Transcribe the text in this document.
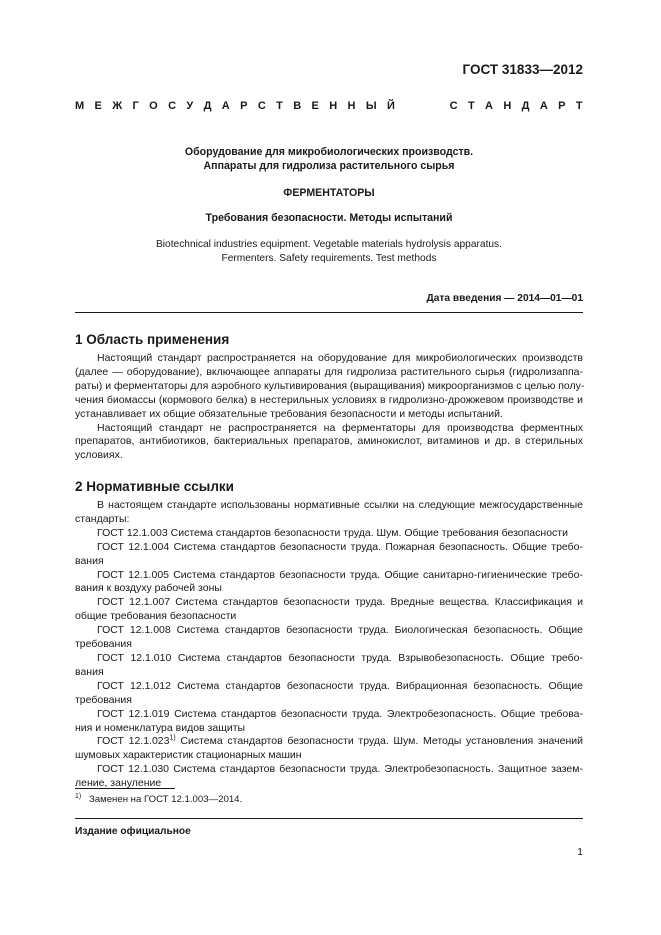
ГОСТ 31833—2012
М Е Ж Г О С У Д А Р С Т В Е Н Н Ы Й	С Т А Н Д А Р Т
Оборудование для микробиологических производств.
Аппараты для гидролиза растительного сырья
ФЕРМЕНТАТОРЫ
Требования безопасности. Методы испытаний
Biotechnical industries equipment. Vegetable materials hydrolysis apparatus.
Fermenters. Safety requirements. Test methods
Дата введения — 2014—01—01
1 Область применения
Настоящий стандарт распространяется на оборудование для микробиологических производств
(далее — оборудование), включающее аппараты для гидролиза растительного сырья (гидролизаппа-
раты) и ферментаторы для аэробного культивирования (выращивания) микроорганизмов с целью полу-
чения биомассы (кормового белка) в нестерильных условиях в гидролизно-дрожжевом производстве и
устанавливает их общие обязательные требования безопасности и методы испытаний.
Настоящий стандарт не распространяется на ферментаторы для производства ферментных
препаратов, антибиотиков, бактериальных препаратов, аминокислот, витаминов и др. в стерильных
условиях.
2 Нормативные ссылки
В настоящем стандарте использованы нормативные ссылки на следующие межгосударственные
стандарты:
ГОСТ 12.1.003 Система стандартов безопасности труда. Шум. Общие требования безопасности
ГОСТ 12.1.004 Система стандартов безопасности труда. Пожарная безопасность. Общие требо-
вания
ГОСТ 12.1.005 Система стандартов безопасности труда. Общие санитарно-гигиенические требо-
вания к воздуху рабочей зоны
ГОСТ 12.1.007 Система стандартов безопасности труда. Вредные вещества. Классификация и
общие требования безопасности
ГОСТ 12.1.008 Система стандартов безопасности труда. Биологическая безопасность. Общие
требования
ГОСТ 12.1.010 Система стандартов безопасности труда. Взрывобезопасность. Общие требо-
вания
ГОСТ 12.1.012 Система стандартов безопасности труда. Вибрационная безопасность. Общие
требования
ГОСТ 12.1.019 Система стандартов безопасности труда. Электробезопасность. Общие требова-
ния и номенклатура видов защиты
ГОСТ 12.1.023$^{1)}$ Система стандартов безопасности труда. Шум. Методы установления значений
шумовых характеристик стационарных машин
ГОСТ 12.1.030 Система стандартов безопасности труда. Электробезопасность. Защитное зазем-
ление, зануление
$^{1)}$ Заменен на ГОСТ 12.1.003—2014.
Издание официальное
1
